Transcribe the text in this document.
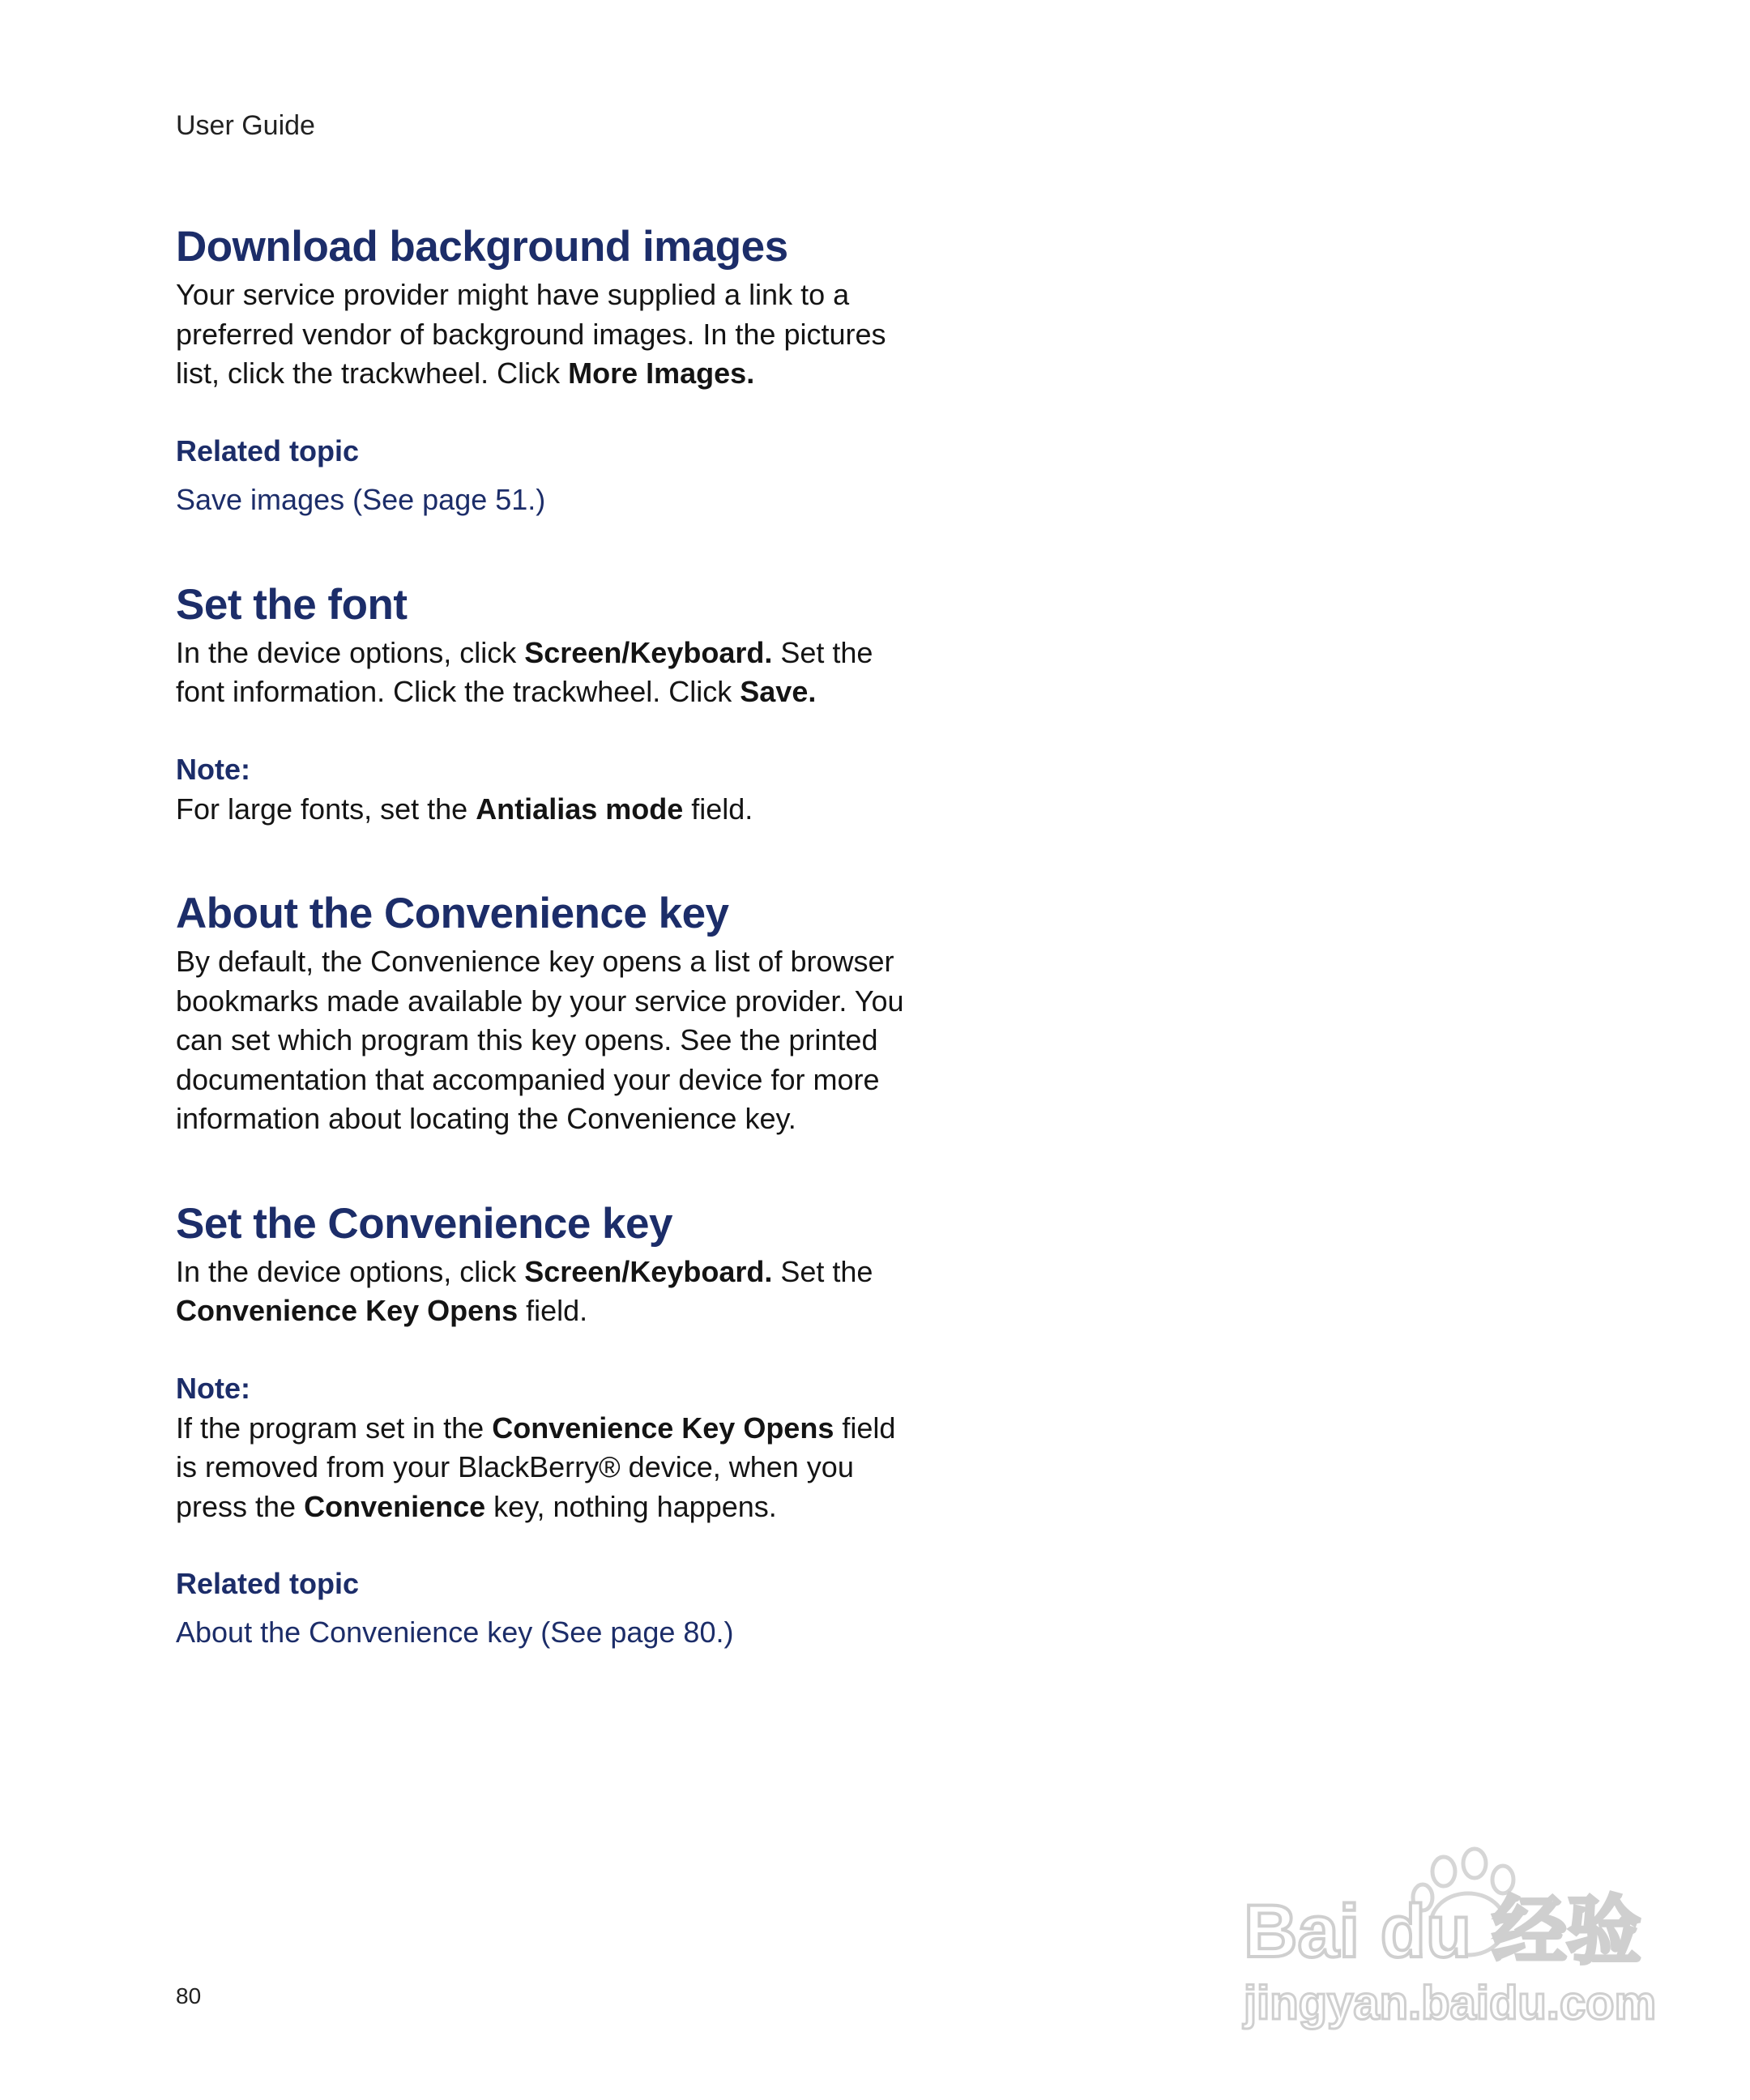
User Guide
Download background images

Your service provider might have supplied a link to a preferred vendor of background images. In the pictures list, click the trackwheel. Click More Images.

Related topic
Save images (See page 51.)
Set the font

In the device options, click Screen/Keyboard. Set the font information. Click the trackwheel. Click Save.

Note:

For large fonts, set the Antialias mode field.

About the Convenience key

By default, the Convenience key opens a list of browser bookmarks made available by your service provider. You can set which program this key opens. See the printed documentation that accompanied your device for more information about locating the Convenience key.

Set the Convenience key

In the device options, click Screen/Keyboard. Set the Convenience Key Opens field.

Note:

If the program set in the Convenience Key Opens field is removed from your BlackBerry® device, when you press the Convenience key, nothing happens.

Related topic
About the Convenience key (See page 80.)
80
Bai du 经验
jingyan.baidu.com
